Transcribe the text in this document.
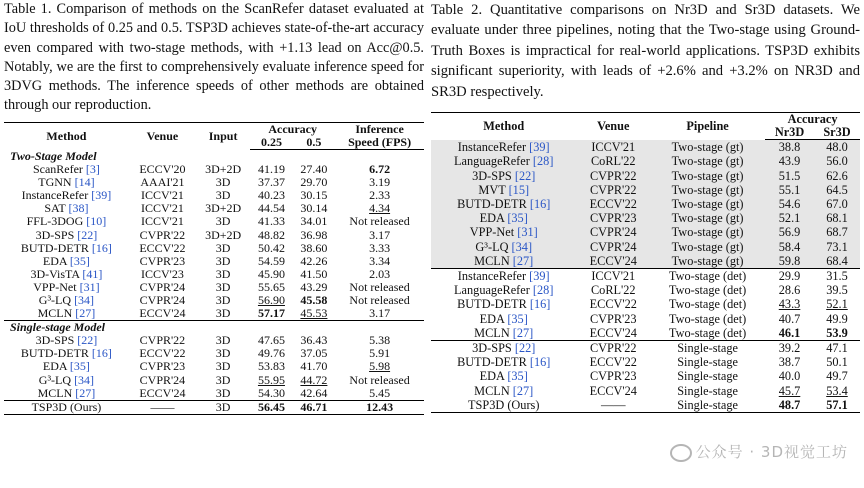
Table 1. Comparison of methods on the ScanRefer dataset evaluated at IoU thresholds of 0.25 and 0.5. TSP3D achieves state-of-the-art accuracy even compared with two-stage methods, with +1.13 lead on Acc@0.5. Notably, we are the first to comprehensively evaluate inference speed for 3DVG methods. The inference speeds of other methods are obtained through our reproduction.

Method	Venue	Input	Accuracy		Inference
			0.25	0.5	Speed (FPS)
Two-Stage Model					
ScanRefer [3]	ECCV'20	3D+2D	41.19	27.40	6.72
TGNN [14]	AAAI'21	3D	37.37	29.70	3.19
InstanceRefer [39]	ICCV'21	3D	40.23	30.15	2.33
SAT [38]	ICCV'21	3D+2D	44.54	30.14	4.34
FFL-3DOG [10]	ICCV'21	3D	41.33	34.01	Not released
3D-SPS [22]	CVPR'22	3D+2D	48.82	36.98	3.17
BUTD-DETR [16]	ECCV'22	3D	50.42	38.60	3.33
EDA [35]	CVPR'23	3D	54.59	42.26	3.34
3D-VisTA [41]	ICCV'23	3D	45.90	41.50	2.03
VPP-Net [31]	CVPR'24	3D	55.65	43.29	Not released
G³-LQ [34]	CVPR'24	3D	56.90	45.58	Not released
MCLN [27]	ECCV'24	3D	57.17	45.53	3.17
Single-stage Model					
3D-SPS [22]	CVPR'22	3D	47.65	36.43	5.38
BUTD-DETR [16]	ECCV'22	3D	49.76	37.05	5.91
EDA [35]	CVPR'23	3D	53.83	41.70	5.98
G³-LQ [34]	CVPR'24	3D	55.95	44.72	Not released
MCLN [27]	ECCV'24	3D	54.30	42.64	5.45
TSP3D (Ours)	——	3D	56.45	46.71	12.43

Table 2. Quantitative comparisons on Nr3D and Sr3D datasets. We evaluate under three pipelines, noting that the Two-stage using Ground-Truth Boxes is impractical for real-world applications. TSP3D exhibits significant superiority, with leads of +2.6% and +3.2% on NR3D and SR3D respectively.

Method	Venue	Pipeline	Accuracy	
			Nr3D	Sr3D
InstanceRefer [39]	ICCV'21	Two-stage (gt)	38.8	48.0
LanguageRefer [28]	CoRL'22	Two-stage (gt)	43.9	56.0
3D-SPS [22]	CVPR'22	Two-stage (gt)	51.5	62.6
MVT [15]	CVPR'22	Two-stage (gt)	55.1	64.5
BUTD-DETR [16]	ECCV'22	Two-stage (gt)	54.6	67.0
EDA [35]	CVPR'23	Two-stage (gt)	52.1	68.1
VPP-Net [31]	CVPR'24	Two-stage (gt)	56.9	68.7
G³-LQ [34]	CVPR'24	Two-stage (gt)	58.4	73.1
MCLN [27]	ECCV'24	Two-stage (gt)	59.8	68.4
InstanceRefer [39]	ICCV'21	Two-stage (det)	29.9	31.5
LanguageRefer [28]	CoRL'22	Two-stage (det)	28.6	39.5
BUTD-DETR [16]	ECCV'22	Two-stage (det)	43.3	52.1
EDA [35]	CVPR'23	Two-stage (det)	40.7	49.9
MCLN [27]	ECCV'24	Two-stage (det)	46.1	53.9
3D-SPS [22]	CVPR'22	Single-stage	39.2	47.1
BUTD-DETR [16]	ECCV'22	Single-stage	38.7	50.1
EDA [35]	CVPR'23	Single-stage	40.0	49.7
MCLN [27]	ECCV'24	Single-stage	45.7	53.4
TSP3D (Ours)	——	Single-stage	48.7	57.1
公众号 · 3D视觉工坊
